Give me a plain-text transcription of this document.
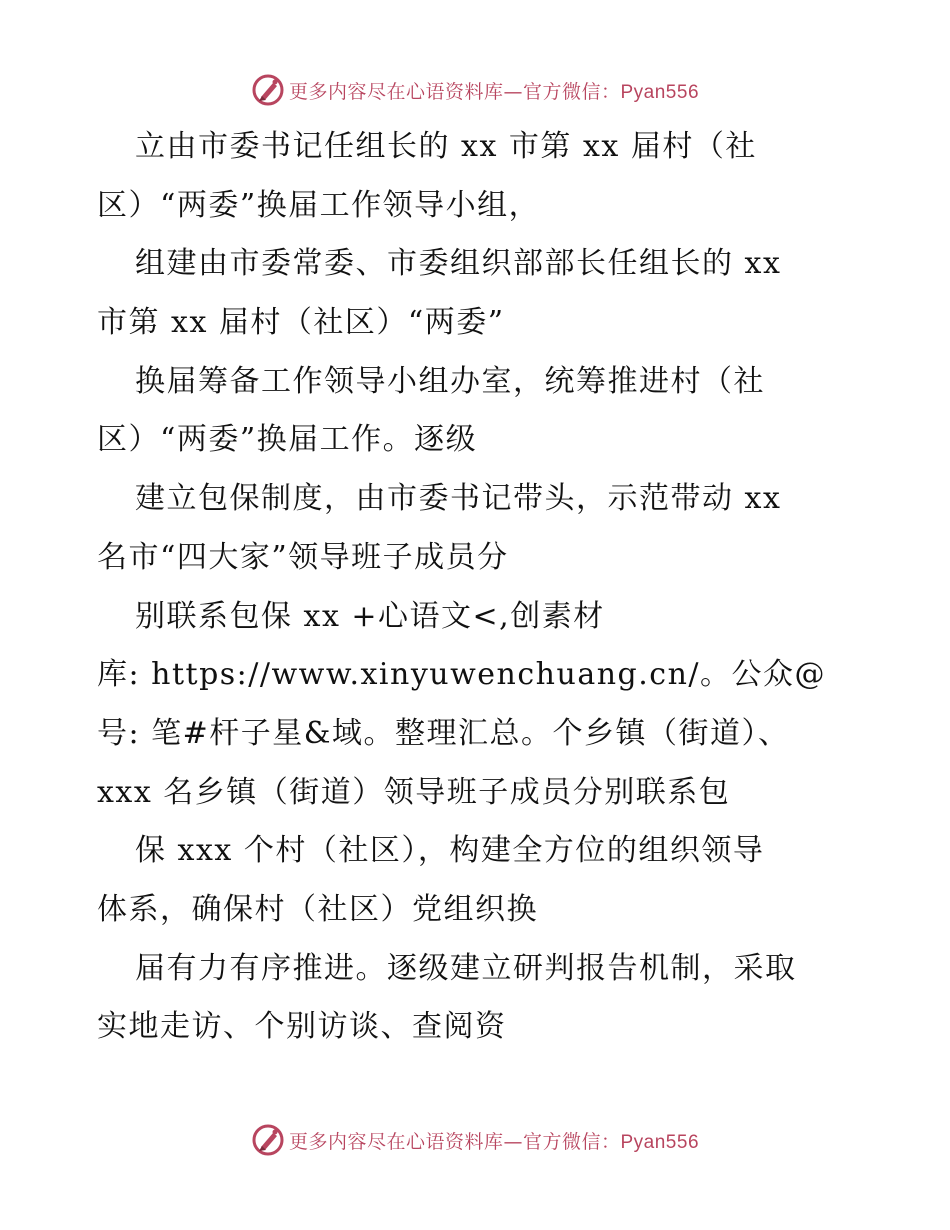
更多内容尽在心语资料库—官方微信：Pyan556
立由市委书记任组长的 xx 市第 xx 届村（社
区）“两委”换届工作领导小组，
组建由市委常委、市委组织部部长任组长的 xx
市第 xx 届村（社区）“两委”
换届筹备工作领导小组办室，统筹推进村（社
区）“两委”换届工作。逐级
建立包保制度，由市委书记带头，示范带动 xx
名市“四大家”领导班子成员分
别联系包保 xx +心语文<,创素材
库: https://www.xinyuwenchuang.cn/。公众@
号: 笔#杆子星&域。整理汇总。个乡镇（街道）、
xxx 名乡镇（街道）领导班子成员分别联系包
保 xxx 个村（社区），构建全方位的组织领导
体系，确保村（社区）党组织换
届有力有序推进。逐级建立研判报告机制，采取
实地走访、个别访谈、查阅资
更多内容尽在心语资料库—官方微信：Pyan556
